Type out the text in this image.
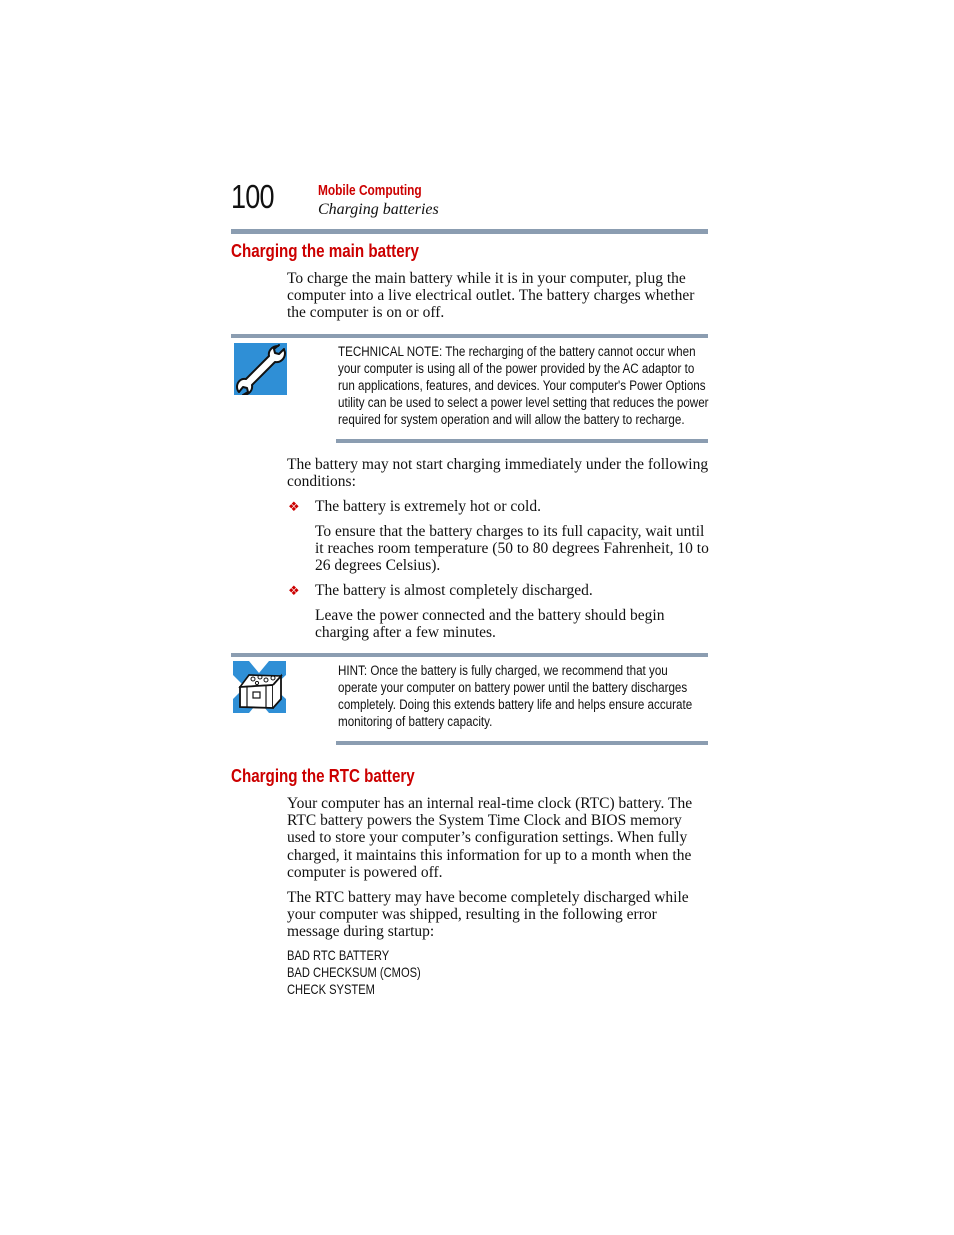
100	Mobile Computing
Charging batteries
Charging the main battery
To charge the main battery while it is in your computer, plug the
computer into a live electrical outlet. The battery charges whether
the computer is on or off.
TECHNICAL NOTE: The recharging of the battery cannot occur when
your computer is using all of the power provided by the AC adaptor to
run applications, features, and devices. Your computer's Power Options
utility can be used to select a power level setting that reduces the power
required for system operation and will allow the battery to recharge.
The battery may not start charging immediately under the following
conditions:
❖ The battery is extremely hot or cold.
To ensure that the battery charges to its full capacity, wait until
it reaches room temperature (50 to 80 degrees Fahrenheit, 10 to
26 degrees Celsius).
❖ The battery is almost completely discharged.
Leave the power connected and the battery should begin
charging after a few minutes.
HINT: Once the battery is fully charged, we recommend that you
operate your computer on battery power until the battery discharges
completely. Doing this extends battery life and helps ensure accurate
monitoring of battery capacity.
Charging the RTC battery
Your computer has an internal real-time clock (RTC) battery. The
RTC battery powers the System Time Clock and BIOS memory
used to store your computer’s configuration settings. When fully
charged, it maintains this information for up to a month when the
computer is powered off.
The RTC battery may have become completely discharged while
your computer was shipped, resulting in the following error
message during startup:
BAD RTC BATTERY
BAD CHECKSUM (CMOS)
CHECK SYSTEM
